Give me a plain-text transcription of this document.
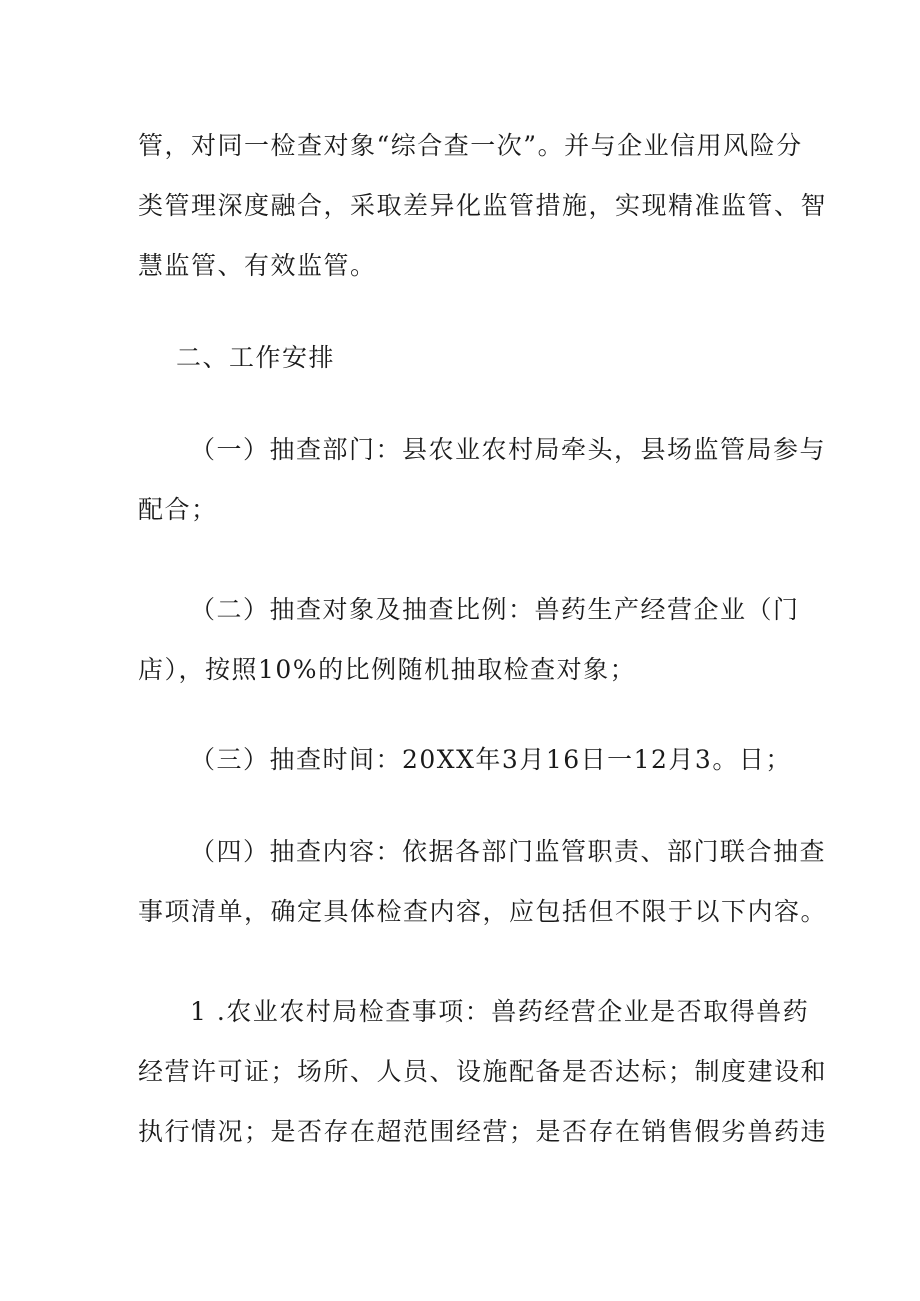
管，对同一检查对象“综合查一次”。并与企业信用风险分
类管理深度融合，采取差异化监管措施，实现精准监管、智
慧监管、有效监管。
二、工作安排
（一）抽查部门：县农业农村局牵头，县场监管局参与
配合；
（二）抽查对象及抽查比例：兽药生产经营企业（门
店），按照10%的比例随机抽取检查对象；
（三）抽查时间：20XX年3月16日一12月3。日；
（四）抽查内容：依据各部门监管职责、部门联合抽查
事项清单，确定具体检查内容，应包括但不限于以下内容。
1 .农业农村局检查事项：兽药经营企业是否取得兽药
经营许可证；场所、人员、设施配备是否达标；制度建设和
执行情况；是否存在超范围经营；是否存在销售假劣兽药违
